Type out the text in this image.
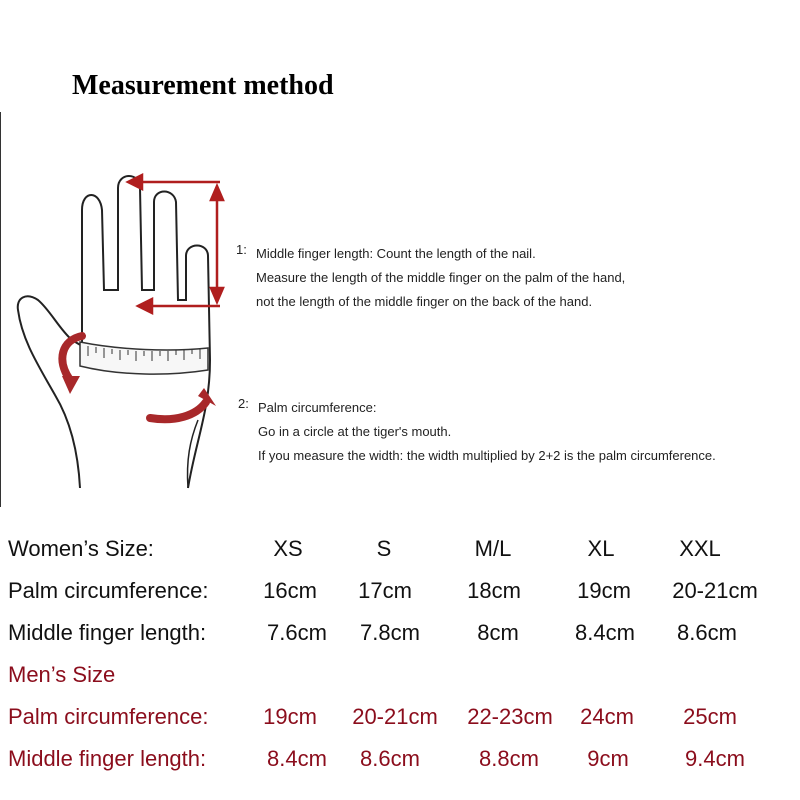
Measurement method
1: Middle finger length: Count the length of the nail.
Measure the length of the middle finger on the palm of the hand,
not the length of the middle finger on the back of the hand.
2: Palm circumference:
Go in a circle at the tiger's mouth.
If you measure the width: the width multiplied by 2+2 is the palm circumference.
Women’s Size:	XS	S	M/L	XL	XXL
Palm circumference:	16cm	17cm	18cm	19cm	20-21cm
Middle finger length:	7.6cm	7.8cm	8cm	8.4cm	8.6cm
Men’s Size
Palm circumference:	19cm	20-21cm	22-23cm	24cm	25cm
Middle finger length:	8.4cm	8.6cm	8.8cm	9cm	9.4cm
